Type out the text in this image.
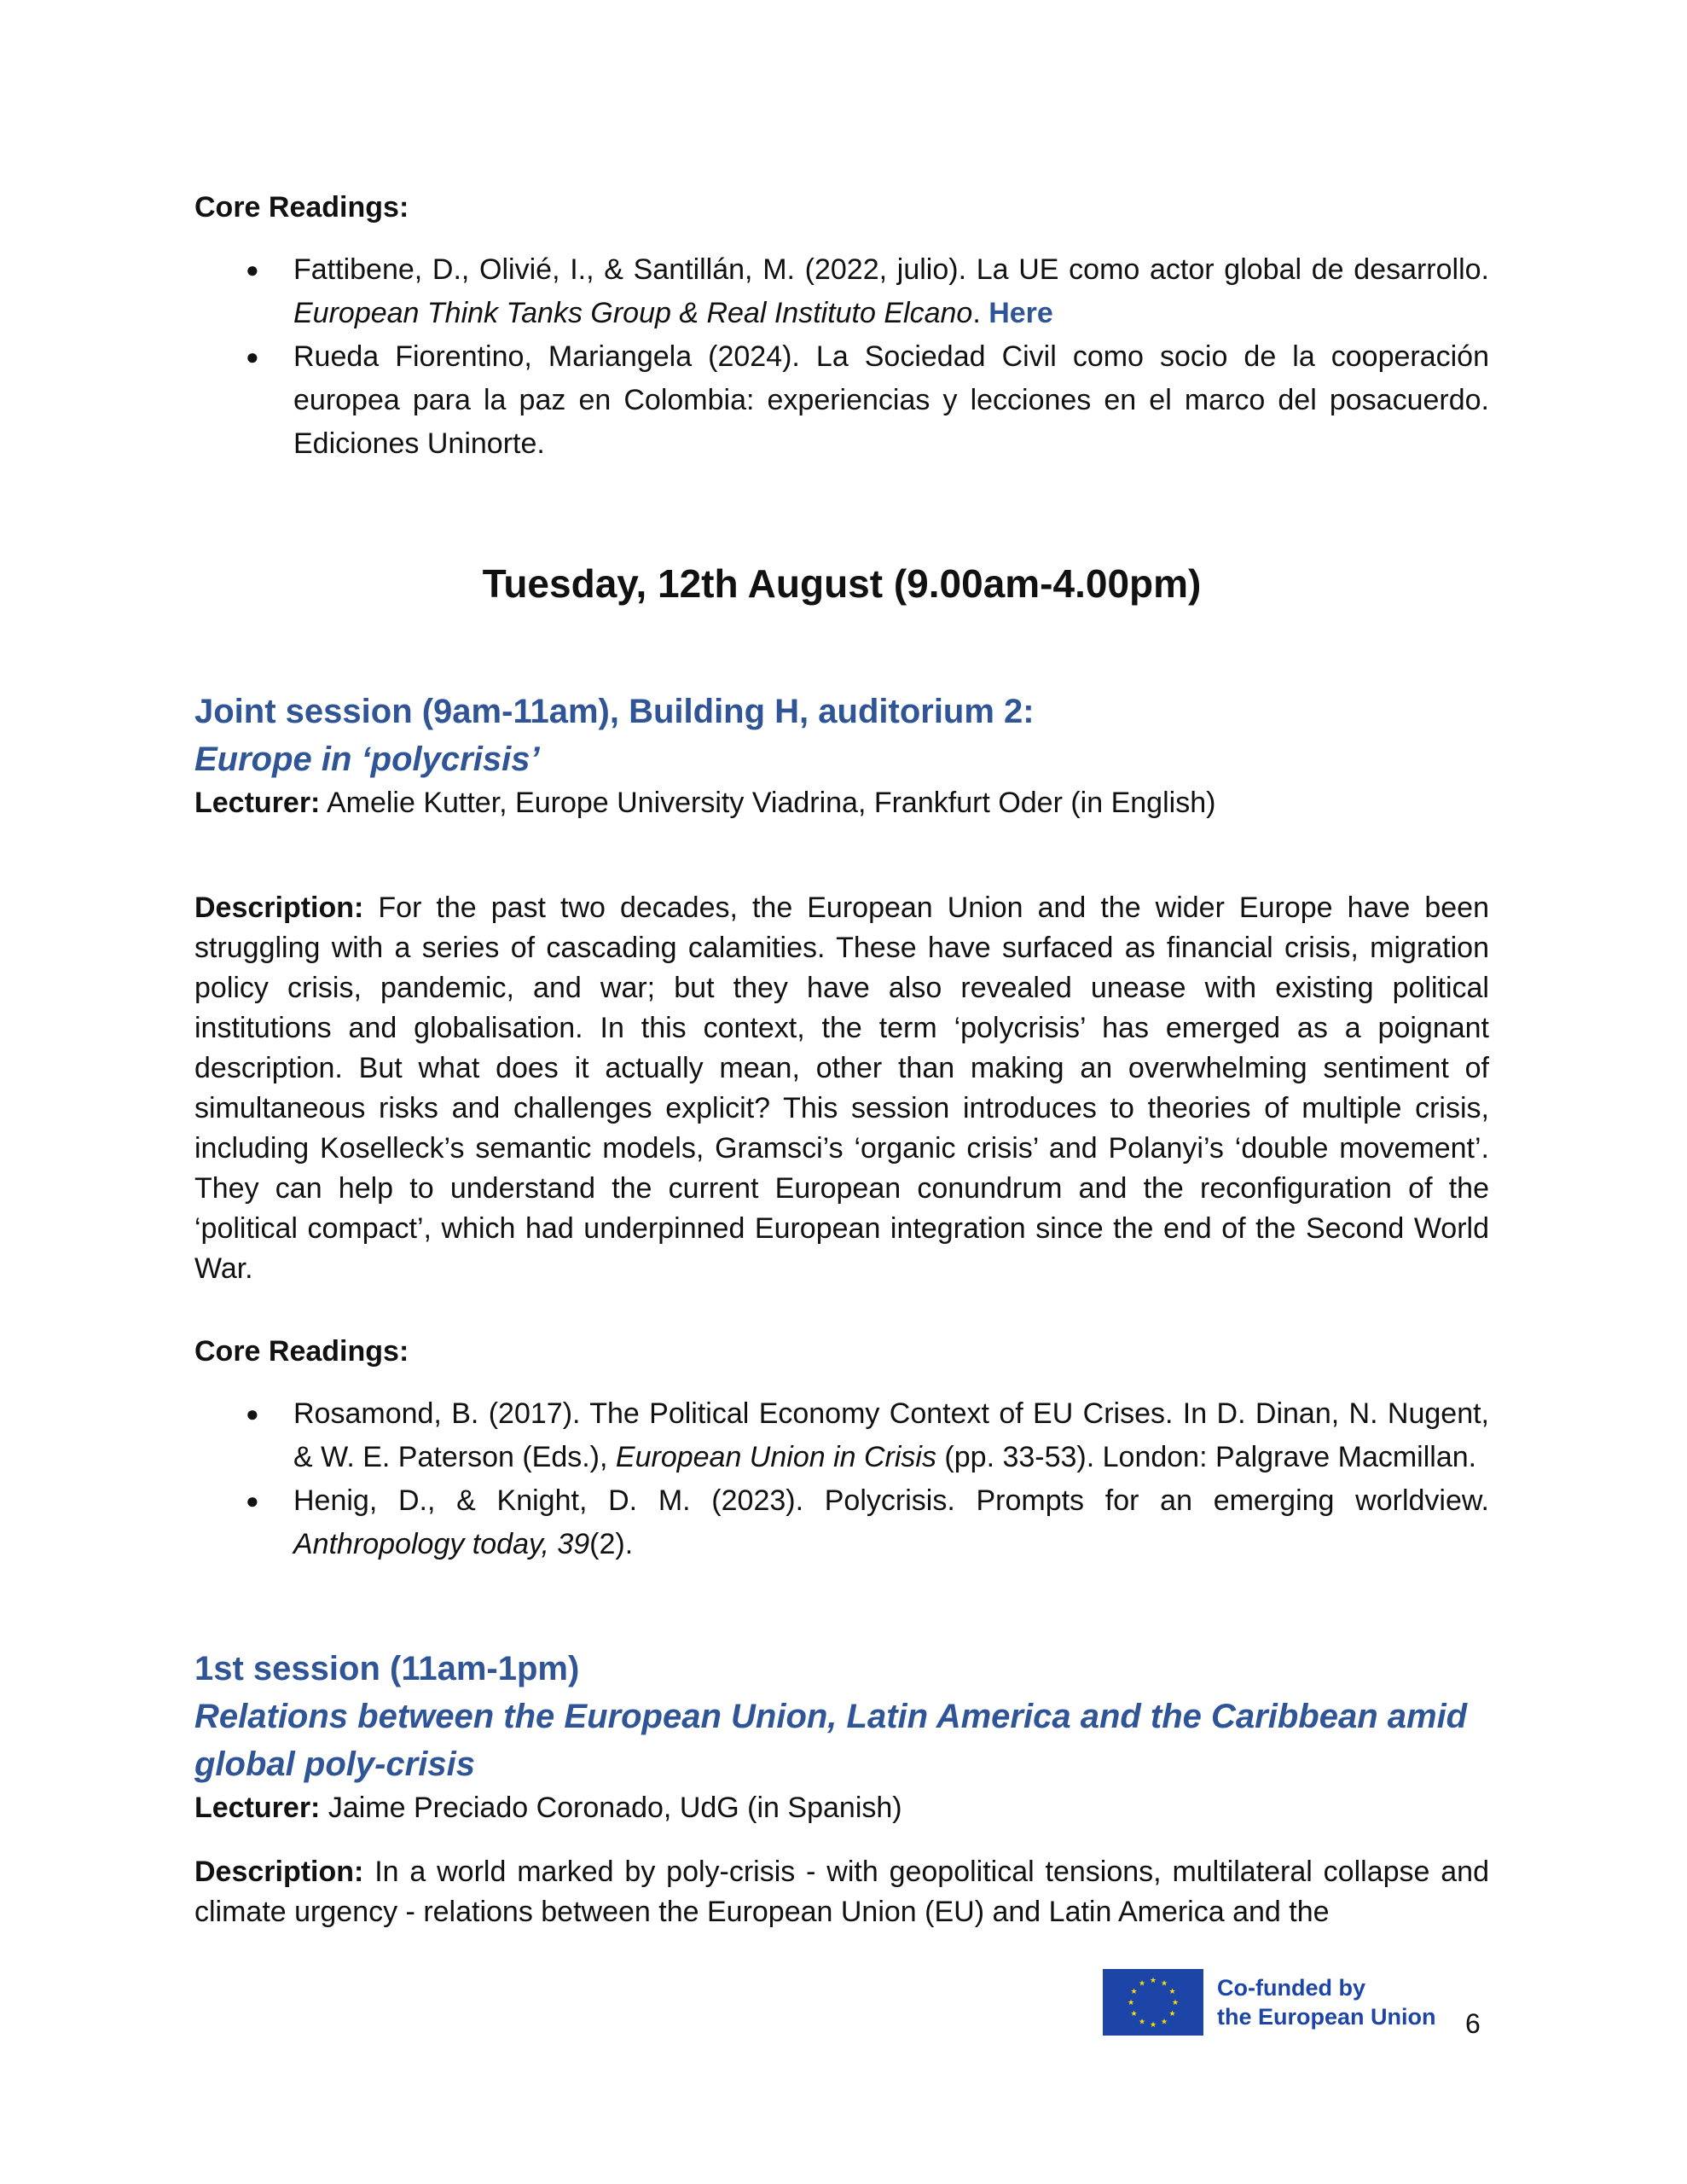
Core Readings:

● Fattibene, D., Olivié, I., & Santillán, M. (2022, julio). La UE como actor global de desarrollo. European Think Tanks Group & Real Instituto Elcano. Here
● Rueda Fiorentino, Mariangela (2024). La Sociedad Civil como socio de la cooperación europea para la paz en Colombia: experiencias y lecciones en el marco del posacuerdo. Ediciones Uninorte.

Tuesday, 12th August (9.00am-4.00pm)

Joint session (9am-11am), Building H, auditorium 2:

Europe in ‘polycrisis’

Lecturer: Amelie Kutter, Europe University Viadrina, Frankfurt Oder (in English)

Description: For the past two decades, the European Union and the wider Europe have been struggling with a series of cascading calamities. These have surfaced as financial crisis, migration policy crisis, pandemic, and war; but they have also revealed unease with existing political institutions and globalisation. In this context, the term ‘polycrisis’ has emerged as a poignant description. But what does it actually mean, other than making an overwhelming sentiment of simultaneous risks and challenges explicit? This session introduces to theories of multiple crisis, including Koselleck’s semantic models, Gramsci’s ‘organic crisis’ and Polanyi’s ‘double movement’. They can help to understand the current European conundrum and the reconfiguration of the ‘political compact’, which had underpinned European integration since the end of the Second World War.

Core Readings:

● Rosamond, B. (2017). The Political Economy Context of EU Crises. In D. Dinan, N. Nugent, & W. E. Paterson (Eds.), European Union in Crisis (pp. 33-53). London: Palgrave Macmillan.
● Henig, D., & Knight, D. M. (2023). Polycrisis. Prompts for an emerging worldview. Anthropology today, 39(2).

1st session (11am-1pm)

Relations between the European Union, Latin America and the Caribbean amid global poly-crisis

Lecturer: Jaime Preciado Coronado, UdG (in Spanish)

Description: In a world marked by poly-crisis - with geopolitical tensions, multilateral collapse and climate urgency - relations between the European Union (EU) and Latin America and the

★ ★
★
★
★
★
★
★
★
★
★
★	Co-funded by
the European Union 6
